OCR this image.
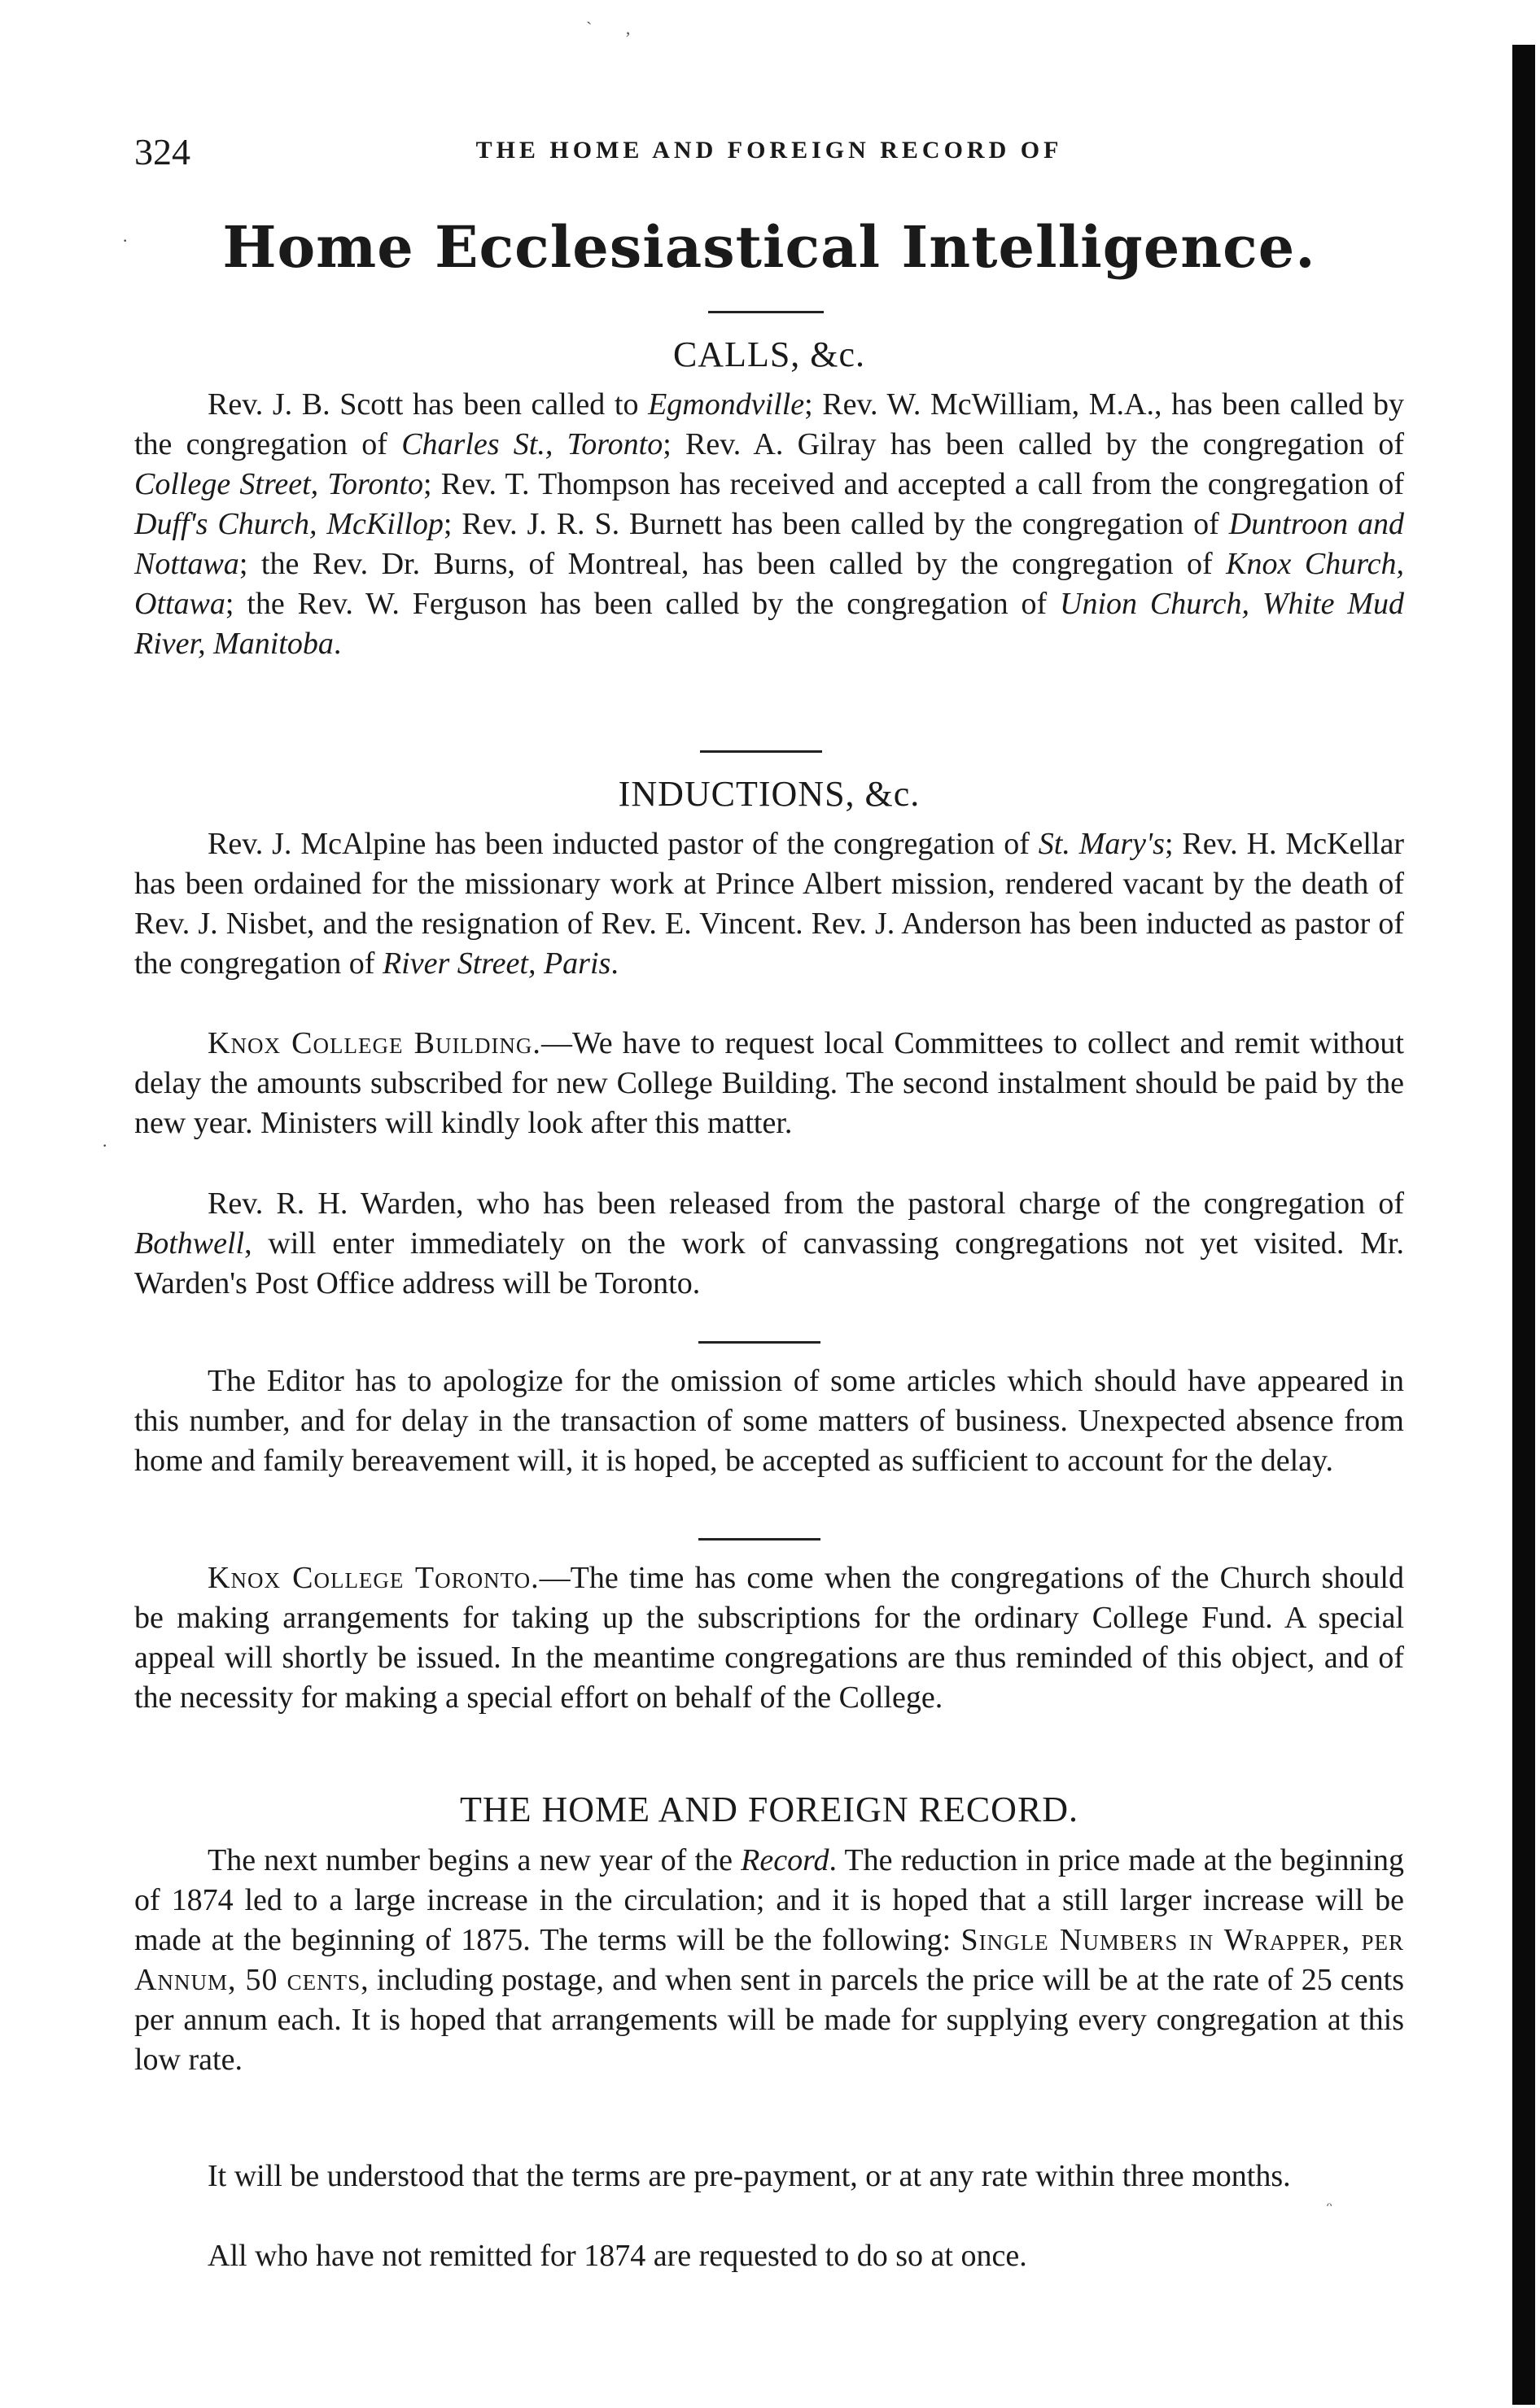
` ,
·
·
ᵔ
324	THE HOME AND FOREIGN RECORD OF
Home Ecclesiastical Intelligence.
CALLS, &c.

Rev. J. B. Scott has been called to Egmondville; Rev. W. McWilliam, M.A., has been called by the congregation of Charles St., Toronto; Rev. A. Gilray has been called by the congregation of College Street, Toronto; Rev. T. Thompson has received and accepted a call from the congregation of Duff's Church, McKillop; Rev. J. R. S. Burnett has been called by the congregation of Duntroon and Nottawa; the Rev. Dr. Burns, of Montreal, has been called by the congregation of Knox Church, Ottawa; the Rev. W. Ferguson has been called by the congregation of Union Church, White Mud River, Manitoba.

INDUCTIONS, &c.

Rev. J. McAlpine has been inducted pastor of the congregation of St. Mary's; Rev. H. McKellar has been ordained for the missionary work at Prince Albert mission, rendered vacant by the death of Rev. J. Nisbet, and the resignation of Rev. E. Vincent. Rev. J. Anderson has been inducted as pastor of the congregation of River Street, Paris.

Knox College Building.—We have to request local Committees to collect and remit without delay the amounts subscribed for new College Building. The second instalment should be paid by the new year. Ministers will kindly look after this matter.

Rev. R. H. Warden, who has been released from the pastoral charge of the congregation of Bothwell, will enter immediately on the work of canvassing congregations not yet visited. Mr. Warden's Post Office address will be Toronto.

The Editor has to apologize for the omission of some articles which should have appeared in this number, and for delay in the transaction of some matters of business. Unexpected absence from home and family bereavement will, it is hoped, be accepted as sufficient to account for the delay.

Knox College Toronto.—The time has come when the congregations of the Church should be making arrangements for taking up the subscriptions for the ordinary College Fund. A special appeal will shortly be issued. In the meantime congregations are thus reminded of this object, and of the necessity for making a special effort on behalf of the College.

THE HOME AND FOREIGN RECORD.

The next number begins a new year of the Record. The reduction in price made at the beginning of 1874 led to a large increase in the circulation; and it is hoped that a still larger increase will be made at the beginning of 1875. The terms will be the following: Single Numbers in Wrapper, per Annum, 50 cents, including postage, and when sent in parcels the price will be at the rate of 25 cents per annum each. It is hoped that arrangements will be made for supplying every congregation at this low rate.

It will be understood that the terms are pre-payment, or at any rate within three months.

All who have not remitted for 1874 are requested to do so at once.
